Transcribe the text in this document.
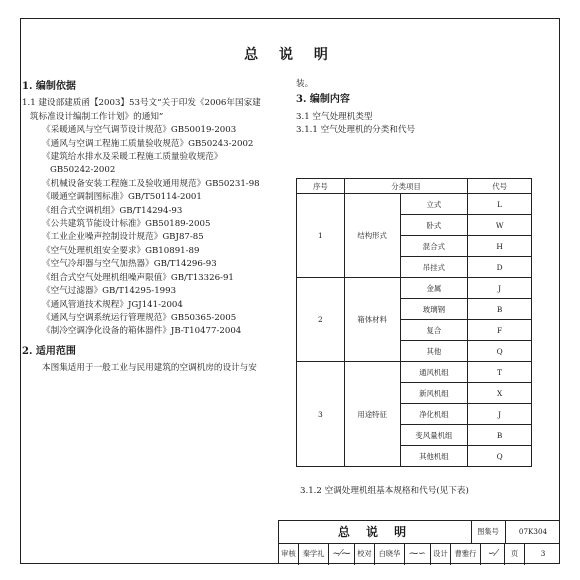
总 说 明
1. 编制依据

1.1 建设部建质函【2003】53号文“关于印发《2006年国家建

筑标准设计编制工作计划》的通知”

《采暖通风与空气调节设计规范》GB50019-2003

《通风与空调工程施工质量验收规范》GB50243-2002

《建筑给水排水及采暖工程施工质量验收规范》

GB50242-2002

《机械设备安装工程施工及验收通用规范》GB50231-98

《暖通空调制图标准》GB/T50114-2001

《组合式空调机组》GB/T14294-93

《公共建筑节能设计标准》GB50189-2005

《工业企业噪声控制设计规范》GBJ87-85

《空气处理机组安全要求》GB10891-89

《空气冷却器与空气加热器》GB/T14296-93

《组合式空气处理机组噪声限值》GB/T13326-91

《空气过滤器》GB/T14295-1993

《通风管道技术规程》JGJ141-2004

《通风与空调系统运行管理规范》GB50365-2005

《制冷空调净化设备的箱体器件》JB-T10477-2004

2. 适用范围

本图集适用于一般工业与民用建筑的空调机房的设计与安

装。

3. 编制内容

3.1 空气处理机类型

3.1.1 空气处理机的分类和代号

序号	分类项目		代号
1	结构形式	立式	L
		卧式	W
		混合式	H
		吊挂式	D
2	箱体材料	金属	J
		玻璃钢	B
		复合	F
		其他	Q
3	用途特征	通风机组	T
		新风机组	X
		净化机组	J
		变风量机组	B
		其他机组	Q
3.1.2 空调处理机组基本规格和代号(见下表)
总 说 明	图集号	07K304
审核 秦学礼 ~⁄⁓ 校对 白晓华 ⁓∽	设计 曹雅行	∽⁄	页	3
